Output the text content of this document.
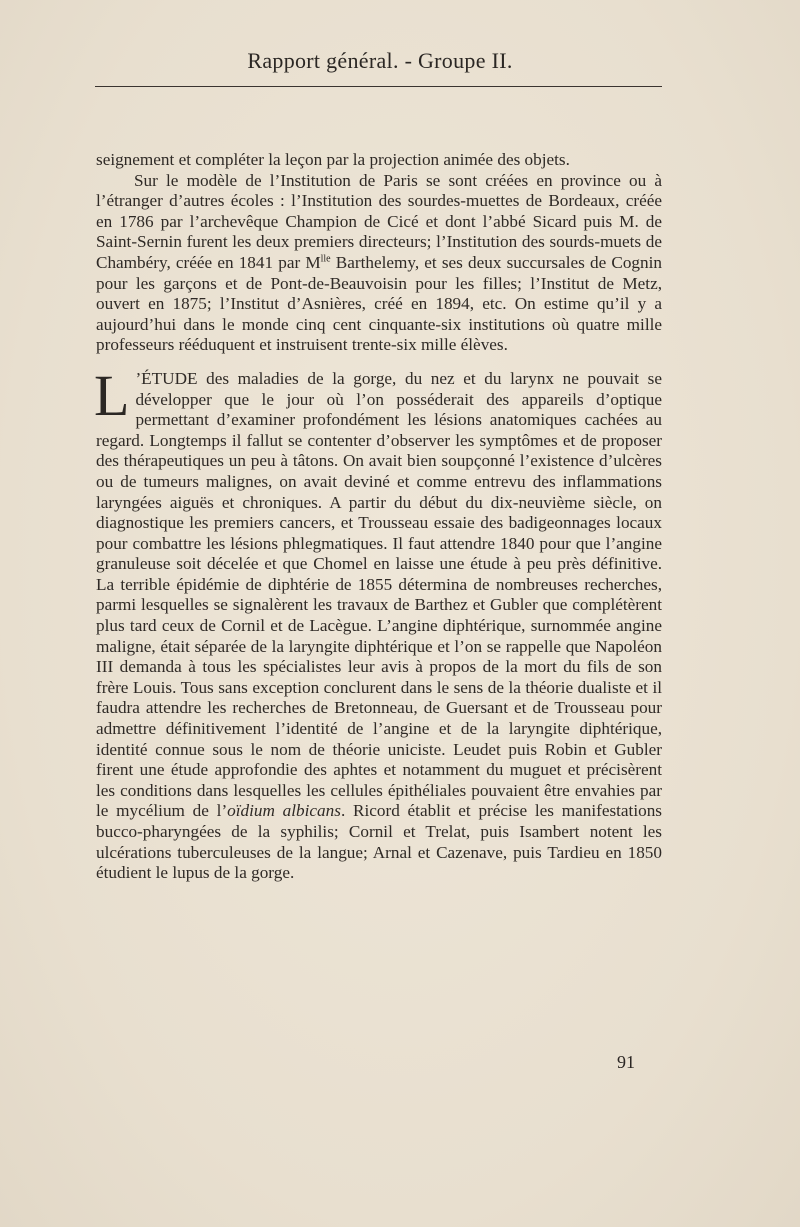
Rapport général. - Groupe II.

seignement et compléter la leçon par la projection animée des objets.

Sur le modèle de l’Institution de Paris se sont créées en province ou à l’étranger d’autres écoles : l’Institution des sourdes-muettes de Bordeaux, créée en 1786 par l’archevêque Champion de Cicé et dont l’abbé Sicard puis M. de Saint-Sernin furent les deux premiers directeurs; l’Institution des sourds-muets de Chambéry, créée en 1841 par $M^{lle}$ Barthelemy, et ses deux succursales de Cognin pour les garçons et de Pont-de-Beauvoisin pour les filles; l’Institut de Metz, ouvert en 1875; l’Institut d’Asnières, créé en 1894, etc. On estime qu’il y a aujourd’hui dans le monde cinq cent cinquante-six institutions où quatre mille professeurs rééduquent et instruisent trente-six mille élèves.

L ’ÉTUDE des maladies de la gorge, du nez et du larynx ne pouvait se développer que le jour où l’on posséderait des appareils d’optique permettant d’examiner profondément les lésions anatomiques cachées au regard. Longtemps il fallut se contenter d’observer les symptômes et de proposer des thérapeutiques un peu à tâtons. On avait bien soupçonné l’existence d’ulcères ou de tumeurs malignes, on avait deviné et comme entrevu des inflammations laryngées aiguës et chroniques. A partir du début du dix-neuvième siècle, on diagnostique les premiers cancers, et Trousseau essaie des badigeonnages locaux pour combattre les lésions phlegmatiques. Il faut attendre 1840 pour que l’angine granuleuse soit décelée et que Chomel en laisse une étude à peu près définitive. La terrible épidémie de diphtérie de 1855 détermina de nombreuses recherches, parmi lesquelles se signalèrent les travaux de Barthez et Gubler que complétèrent plus tard ceux de Cornil et de Lacègue. L’angine diphtérique, surnommée angine maligne, était séparée de la laryngite diphtérique et l’on se rappelle que Napoléon III demanda à tous les spécialistes leur avis à propos de la mort du fils de son frère Louis. Tous sans exception conclurent dans le sens de la théorie dualiste et il faudra attendre les recherches de Bretonneau, de Guersant et de Trousseau pour admettre définitivement l’identité de l’angine et de la laryngite diphtérique, identité connue sous le nom de théorie uniciste. Leudet puis Robin et Gubler firent une étude approfondie des aphtes et notamment du muguet et précisèrent les conditions dans lesquelles les cellules épithéliales pouvaient être envahies par le mycélium de l’oïdium albicans. Ricord établit et précise les manifestations bucco-pharyngées de la syphilis; Cornil et Trelat, puis Isambert notent les ulcérations tuberculeuses de la langue; Arnal et Cazenave, puis Tardieu en 1850 étudient le lupus de la gorge.

91
